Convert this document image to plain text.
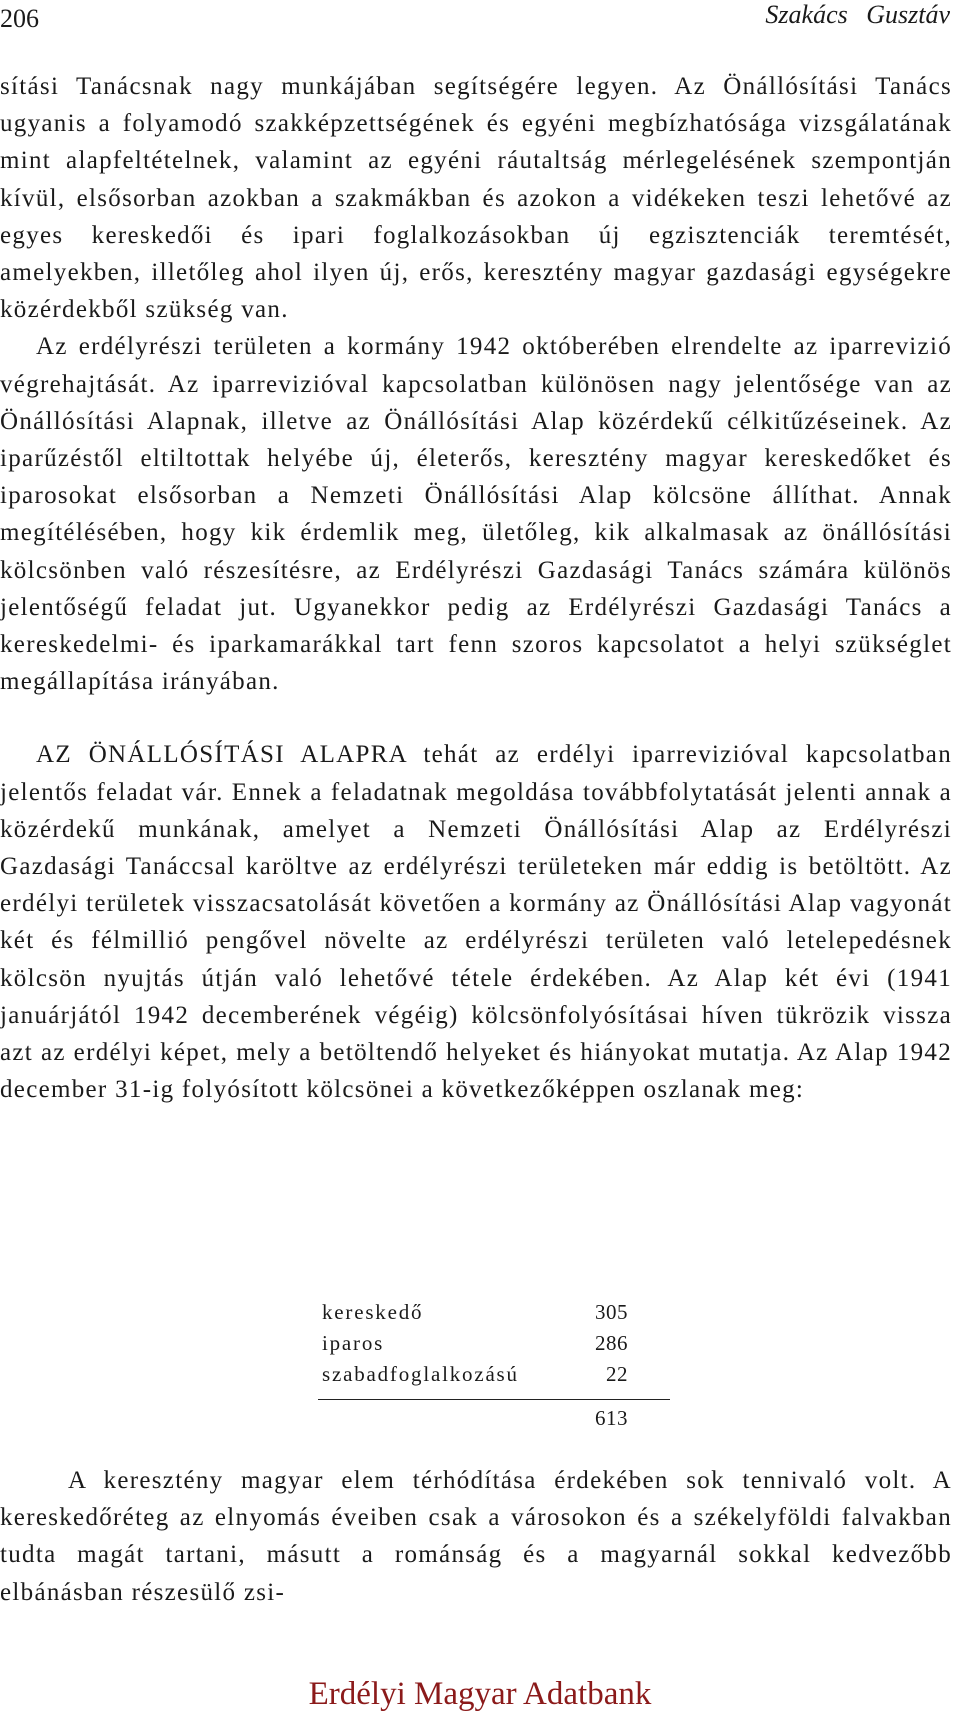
206	Szakács Gusztáv

sítási Tanácsnak nagy munkájában segítségére legyen. Az Önállósítási Tanács ugyanis a folyamodó szakképzettségének és egyéni megbízhatósága vizsgálatának mint alapfeltételnek, valamint az egyéni ráutaltság mérlegelésének szempontján kívül, elsősorban azokban a szakmákban és azokon a vidékeken teszi lehetővé az egyes kereskedői és ipari foglalkozásokban új egzisztenciák teremtését, amelyekben, illetőleg ahol ilyen új, erős, keresztény magyar gazdasági egységekre közérdekből szükség van.

Az erdélyrészi területen a kormány 1942 októberében elrendelte az iparrevizió végrehajtását. Az iparrevizióval kapcsolatban különösen nagy jelentősége van az Önállósítási Alapnak, illetve az Önállósítási Alap közérdekű célkitűzéseinek. Az iparűzéstől eltiltottak helyébe új, életerős, keresztény magyar kereskedőket és iparosokat elsősorban a Nemzeti Önállósítási Alap kölcsöne állíthat. Annak megítélésében, hogy kik érdemlik meg, ületőleg, kik alkalmasak az önállósítási kölcsönben való részesítésre, az Erdélyrészi Gazdasági Tanács számára különös jelentőségű feladat jut. Ugyanekkor pedig az Erdélyrészi Gazdasági Tanács a kereskedelmi- és iparkamarákkal tart fenn szoros kapcsolatot a helyi szükséglet megállapítása irányában.

AZ ÖNÁLLÓSÍTÁSI ALAPRA tehát az erdélyi iparrevizióval kapcsolatban jelentős feladat vár. Ennek a feladatnak megoldása továbbfolytatását jelenti annak a közérdekű munkának, amelyet a Nemzeti Önállósítási Alap az Erdélyrészi Gazdasági Tanáccsal karöltve az erdélyrészi területeken már eddig is betöltött. Az erdélyi területek visszacsatolását követően a kormány az Önállósítási Alap vagyonát két és félmillió pengővel növelte az erdélyrészi területen való letelepedésnek kölcsön nyujtás útján való lehetővé tétele érdekében. Az Alap két évi (1941 januárjától 1942 decemberének végéig) kölcsönfolyósításai híven tükrözik vissza azt az erdélyi képet, mely a betöltendő helyeket és hiányokat mutatja. Az Alap 1942 december 31-ig folyósított kölcsönei a következőképpen oszlanak meg:

kereskedő	305
iparos	286
szabadfoglalkozású	22
613

A keresztény magyar elem térhódítása érdekében sok tennivaló volt. A kereskedőréteg az elnyomás éveiben csak a városokon és a székelyföldi falvakban tudta magát tartani, másutt a románság és a magyarnál sokkal kedvezőbb elbánásban részesülő zsi-

Erdélyi Magyar Adatbank
